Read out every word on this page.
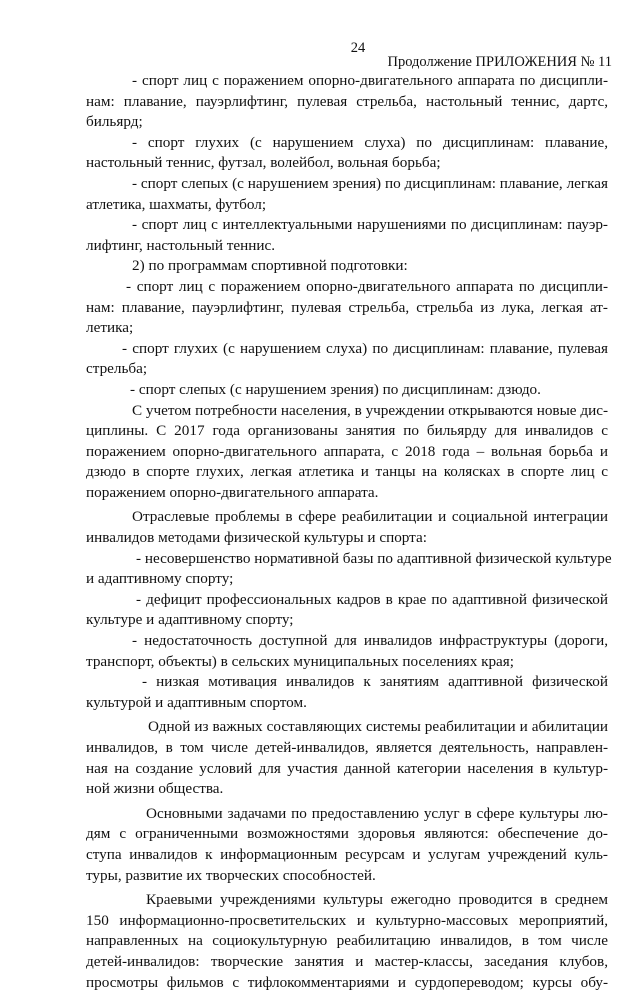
24
Продолжение ПРИЛОЖЕНИЯ № 11
- спорт лиц с поражением опорно-двигательного аппарата по дисципли-
нам: плавание, пауэрлифтинг, пулевая стрельба, настольный теннис, дартс,
бильярд;
- спорт глухих (с нарушением слуха) по дисциплинам: плавание,
настольный теннис, футзал, волейбол, вольная борьба;
- спорт слепых (с нарушением зрения) по дисциплинам: плавание, легкая
атлетика, шахматы, футбол;
- спорт лиц с интеллектуальными нарушениями по дисциплинам: пауэр-
лифтинг, настольный теннис.
2) по программам спортивной подготовки:
- спорт лиц с поражением опорно-двигательного аппарата по дисципли-
нам: плавание, пауэрлифтинг, пулевая стрельба, стрельба из лука, легкая ат-
летика;
- спорт глухих (с нарушением слуха) по дисциплинам: плавание, пулевая
стрельба;
- спорт слепых (с нарушением зрения) по дисциплинам: дзюдо.
С учетом потребности населения, в учреждении открываются новые дис-
циплины. С 2017 года организованы занятия по бильярду для инвалидов с
поражением опорно-двигательного аппарата, с 2018 года – вольная борьба и
дзюдо в спорте глухих, легкая атлетика и танцы на колясках в спорте лиц с
поражением опорно-двигательного аппарата.
Отраслевые проблемы в сфере реабилитации и социальной интеграции
инвалидов методами физической культуры и спорта:
- несовершенство нормативной базы по адаптивной физической культуре
и адаптивному спорту;
- дефицит профессиональных кадров в крае по адаптивной физической
культуре и адаптивному спорту;
- недостаточность доступной для инвалидов инфраструктуры (дороги,
транспорт, объекты) в сельских муниципальных поселениях края;
- низкая мотивация инвалидов к занятиям адаптивной физической
культурой и адаптивным спортом.
Одной из важных составляющих системы реабилитации и абилитации
инвалидов, в том числе детей-инвалидов, является деятельность, направлен-
ная на создание условий для участия данной категории населения в культур-
ной жизни общества.
Основными задачами по предоставлению услуг в сфере культуры лю-
дям с ограниченными возможностями здоровья являются: обеспечение до-
ступа инвалидов к информационным ресурсам и услугам учреждений куль-
туры, развитие их творческих способностей.
Краевыми учреждениями культуры ежегодно проводится в среднем
150 информационно-просветительских и культурно-массовых мероприятий,
направленных на социокультурную реабилитацию инвалидов, в том числе
детей-инвалидов: творческие занятия и мастер-классы, заседания клубов,
просмотры фильмов с тифлокомментариями и сурдопереводом; курсы обу-
